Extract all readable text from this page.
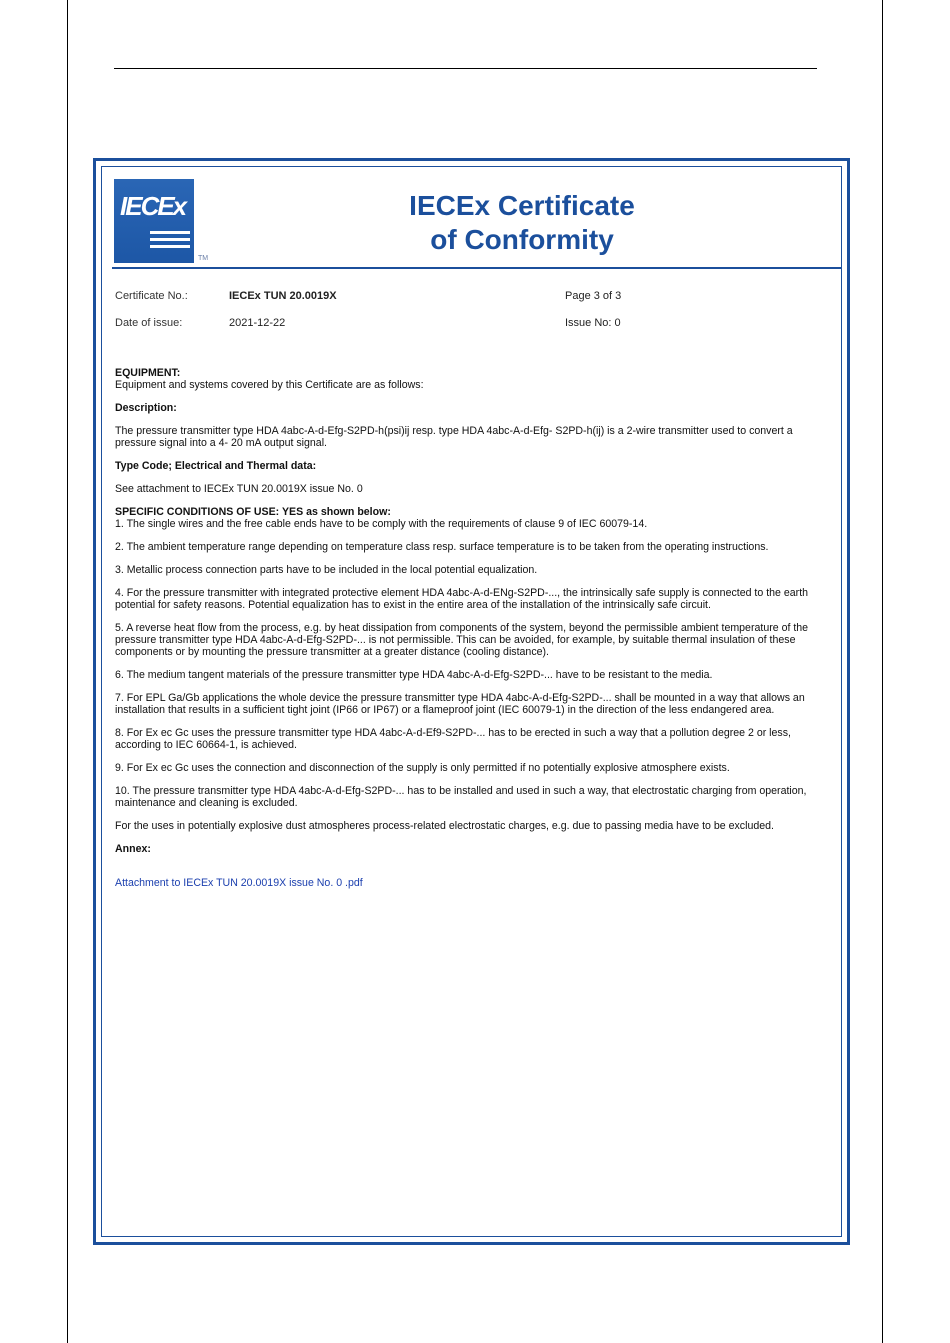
IECEx
TM
IECEx Certificate
of Conformity
Certificate No.:	IECEx TUN 20.0019X	Page 3 of 3
Date of issue:	2021-12-22	Issue No: 0

EQUIPMENT:

Equipment and systems covered by this Certificate are as follows:

Description:

The pressure transmitter type HDA 4abc-A-d-Efg-S2PD-h(psi)ij resp. type HDA 4abc-A-d-Efg- S2PD-h(ij) is a 2-wire transmitter used to convert a pressure signal into a 4- 20 mA output signal.

Type Code; Electrical and Thermal data:

See attachment to IECEx TUN 20.0019X issue No. 0

SPECIFIC CONDITIONS OF USE: YES as shown below:

1. The single wires and the free cable ends have to be comply with the requirements of clause 9 of IEC 60079-14.

2. The ambient temperature range depending on temperature class resp. surface temperature is to be taken from the operating instructions.

3. Metallic process connection parts have to be included in the local potential equalization.

4. For the pressure transmitter with integrated protective element HDA 4abc-A-d-ENg-S2PD-..., the intrinsically safe supply is connected to the earth potential for safety reasons. Potential equalization has to exist in the entire area of the installation of the intrinsically safe circuit.

5. A reverse heat flow from the process, e.g. by heat dissipation from components of the system, beyond the permissible ambient temperature of the pressure transmitter type HDA 4abc-A-d-Efg-S2PD-... is not permissible. This can be avoided, for example, by suitable thermal insulation of these components or by mounting the pressure transmitter at a greater distance (cooling distance).

6. The medium tangent materials of the pressure transmitter type HDA 4abc-A-d-Efg-S2PD-... have to be resistant to the media.

7. For EPL Ga/Gb applications the whole device the pressure transmitter type HDA 4abc-A-d-Efg-S2PD-... shall be mounted in a way that allows an installation that results in a sufficient tight joint (IP66 or IP67) or a flameproof joint (IEC 60079-1) in the direction of the less endangered area.

8. For Ex ec Gc uses the pressure transmitter type HDA 4abc-A-d-Ef9-S2PD-... has to be erected in such a way that a pollution degree 2 or less, according to IEC 60664-1, is achieved.

9. For Ex ec Gc uses the connection and disconnection of the supply is only permitted if no potentially explosive atmosphere exists.

10. The pressure transmitter type HDA 4abc-A-d-Efg-S2PD-... has to be installed and used in such a way, that electrostatic charging from operation, maintenance and cleaning is excluded.

For the uses in potentially explosive dust atmospheres process-related electrostatic charges, e.g. due to passing media have to be excluded.

Annex:

Attachment to IECEx TUN 20.0019X issue No. 0 .pdf
